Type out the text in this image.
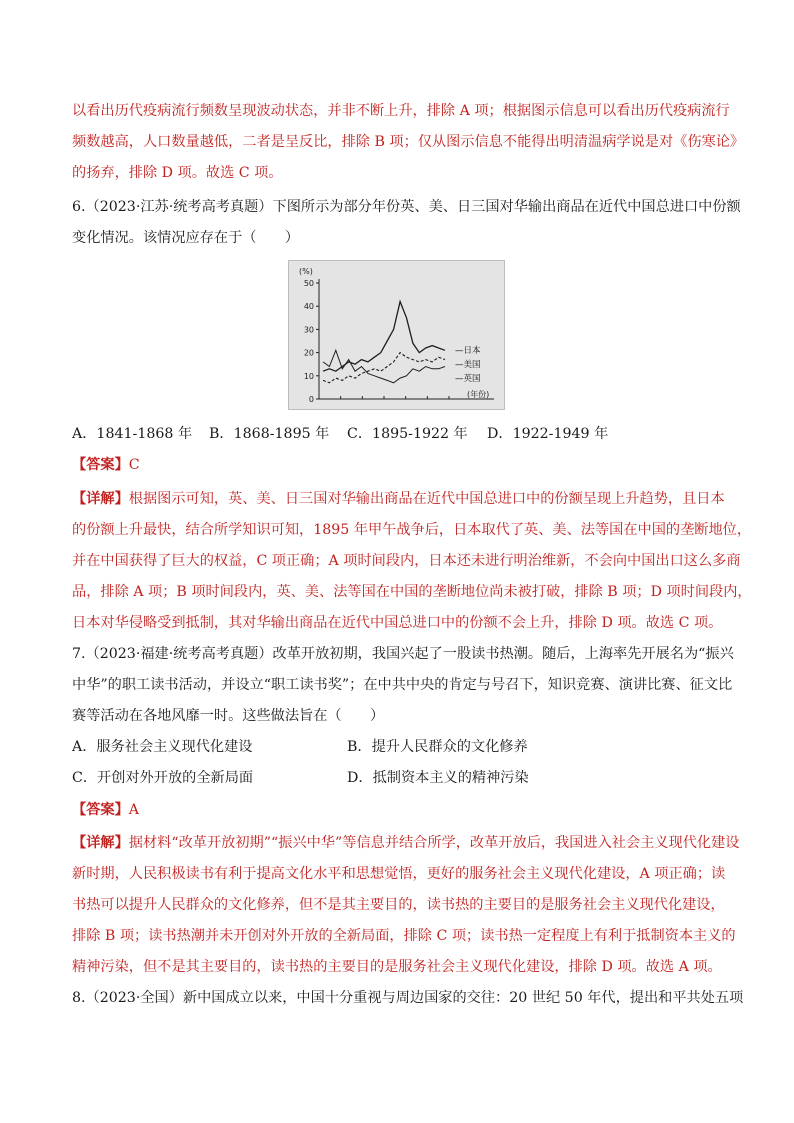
以看出历代疫病流行频数呈现波动状态，并非不断上升，排除 A 项；根据图示信息可以看出历代疫病流行
频数越高，人口数量越低，二者是呈反比，排除 B 项；仅从图示信息不能得出明清温病学说是对《伤寒论》
的扬弃，排除 D 项。故选 C 项。
6.（2023·江苏·统考高考真题）下图所示为部分年份英、美、日三国对华输出商品在近代中国总进口中份额
变化情况。该情况应存在于（　　）
(%)
50
40
30
20
10
0
(年份)
—日本
—美国
—英国
A．1841-1868 年 B．1868-1895 年 C．1895-1922 年 D．1922-1949 年
【答案】C
【详解】根据图示可知，英、美、日三国对华输出商品在近代中国总进口中的份额呈现上升趋势，且日本
的份额上升最快，结合所学知识可知，1895 年甲午战争后，日本取代了英、美、法等国在中国的垄断地位，
并在中国获得了巨大的权益，C 项正确；A 项时间段内，日本还未进行明治维新，不会向中国出口这么多商
品，排除 A 项；B 项时间段内，英、美、法等国在中国的垄断地位尚未被打破，排除 B 项；D 项时间段内，
日本对华侵略受到抵制，其对华输出商品在近代中国总进口中的份额不会上升，排除 D 项。故选 C 项。
7.（2023·福建·统考高考真题）改革开放初期，我国兴起了一股读书热潮。随后，上海率先开展名为“振兴
中华”的职工读书活动，并设立“职工读书奖”；在中共中央的肯定与号召下，知识竞赛、演讲比赛、征文比
赛等活动在各地风靡一时。这些做法旨在（　　）
A．服务社会主义现代化建设	B．提升人民群众的文化修养
C．开创对外开放的全新局面	D．抵制资本主义的精神污染
【答案】A
【详解】据材料“改革开放初期”“振兴中华”等信息并结合所学，改革开放后，我国进入社会主义现代化建设
新时期，人民积极读书有利于提高文化水平和思想觉悟，更好的服务社会主义现代化建设，A 项正确；读
书热可以提升人民群众的文化修养，但不是其主要目的，读书热的主要目的是服务社会主义现代化建设，
排除 B 项；读书热潮并未开创对外开放的全新局面，排除 C 项；读书热一定程度上有利于抵制资本主义的
精神污染，但不是其主要目的，读书热的主要目的是服务社会主义现代化建设，排除 D 项。故选 A 项。
8.（2023·全国）新中国成立以来，中国十分重视与周边国家的交往：20 世纪 50 年代，提出和平共处五项
